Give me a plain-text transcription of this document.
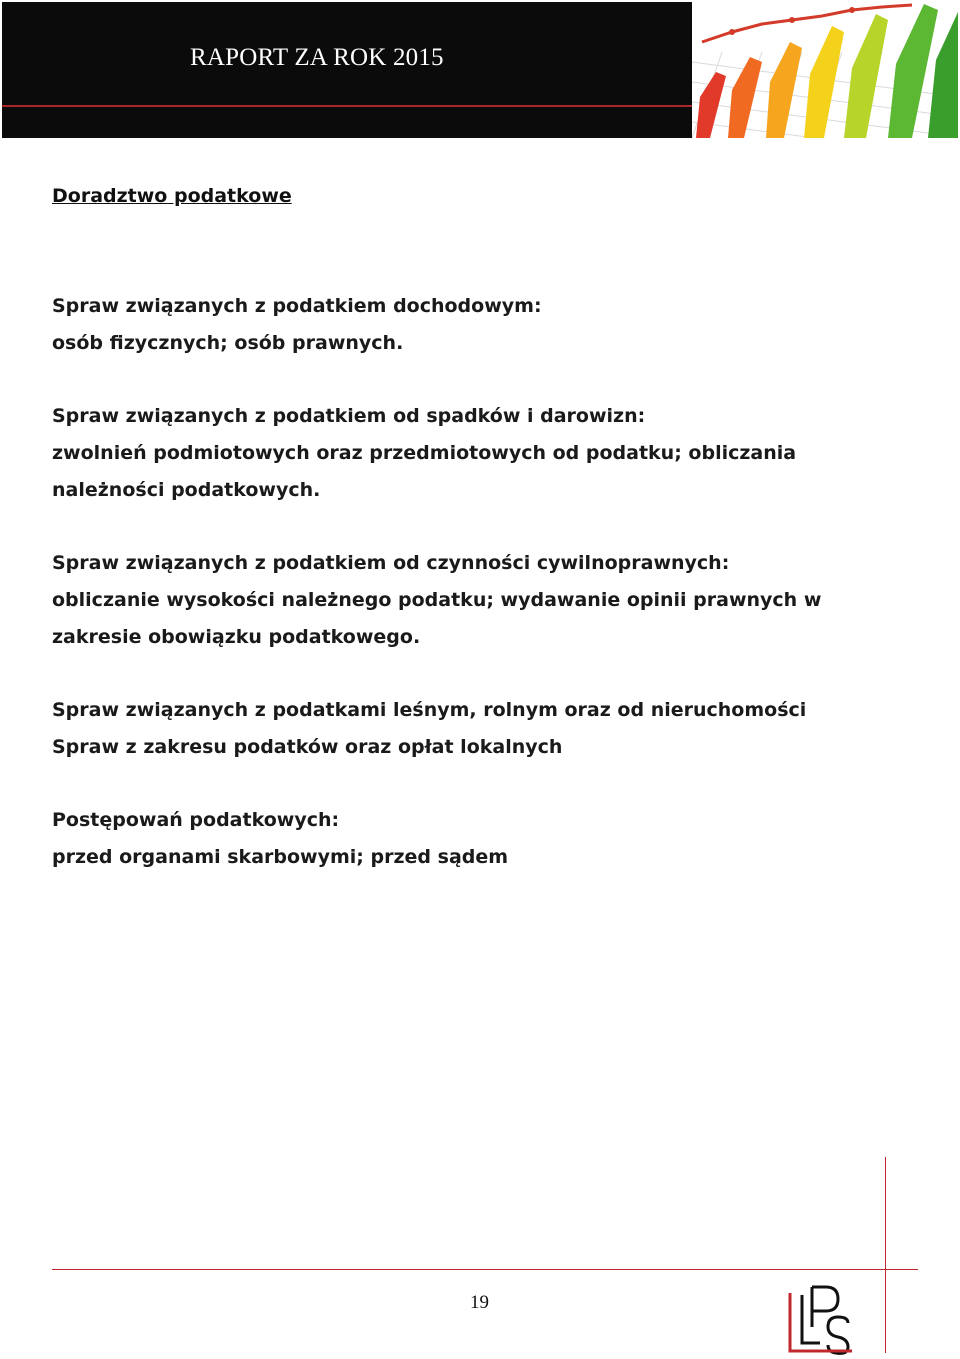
RAPORT ZA ROK 2015
Doradztwo podatkowe
Spraw związanych z podatkiem dochodowym:
osób fizycznych; osób prawnych.
Spraw związanych z podatkiem od spadków i darowizn:
zwolnień podmiotowych oraz przedmiotowych od podatku; obliczania
należności podatkowych.
Spraw związanych z podatkiem od czynności cywilnoprawnych:
obliczanie wysokości należnego podatku; wydawanie opinii prawnych w
zakresie obowiązku podatkowego.
Spraw związanych z podatkami leśnym, rolnym oraz od nieruchomości
Spraw z zakresu podatków oraz opłat lokalnych
Postępowań podatkowych:
przed organami skarbowymi; przed sądem
19
